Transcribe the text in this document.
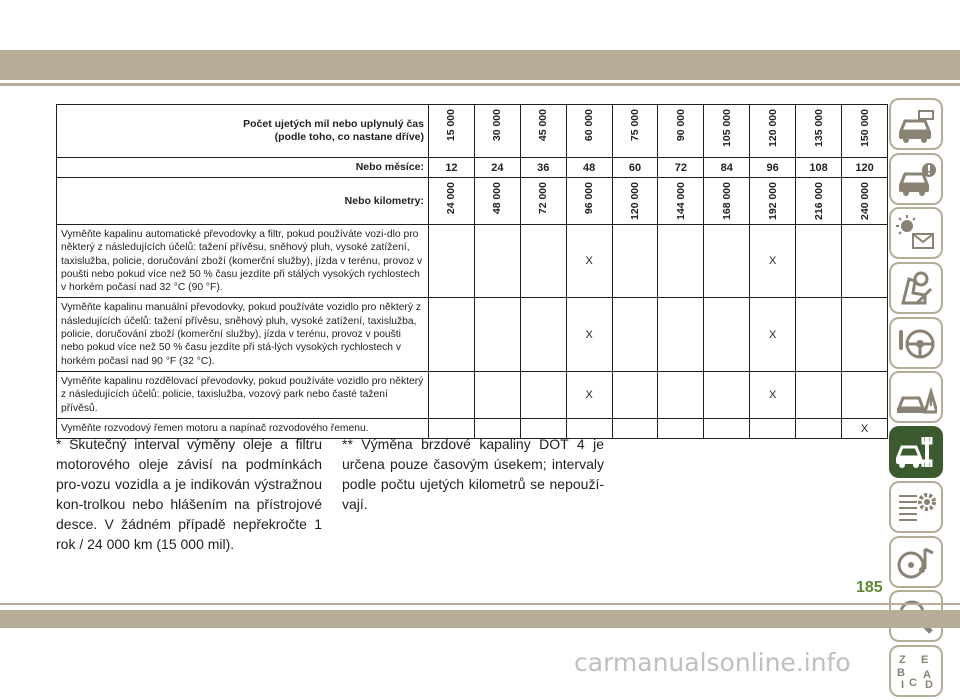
Počet ujetých mil nebo uplynulý čas
(podle toho, co nastane dříve)	15 000	30 000	45 000	60 000	75 000	90 000	105 000	120 000	135 000	150 000

Nebo měsíce:	12	24	36	48	60	72	84	96	108	120
Nebo kilometry:	24 000	48 000	72 000	96 000	120 000	144 000	168 000	192 000	216 000	240 000

Vyměňte kapalinu automatické převodovky a filtr, pokud používáte vozi-dlo pro některý z následujících účelů: tažení přívěsu, sněhový pluh, vysoké zatížení, taxislužba, policie, doručování zboží (komerční služby), jízda v terénu, provoz v poušti nebo pokud více než 50 % času jezdíte při stálých vysokých rychlostech v horkém počasí nad 32 °C (90 °F).				X				X		
Vyměňte kapalinu manuální převodovky, pokud používáte vozidlo pro některý z následujících účelů: tažení přívěsu, sněhový pluh, vysoké zatížení, taxislužba, policie, doručování zboží (komerční služby), jízda v terénu, provoz v poušti nebo pokud více než 50 % času jezdíte při stá-lých vysokých rychlostech v horkém počasí nad 90 °F (32 °C).				X				X		
Vyměňte kapalinu rozdělovací převodovky, pokud používáte vozidlo pro některý z následujících účelů: policie, taxislužba, vozový park nebo časté tažení přívěsů.				X				X		
Vyměňte rozvodový řemen motoru a napínač rozvodového řemenu.										X
* Skutečný interval výměny oleje a filtru motorového oleje závisí na podmínkách pro-vozu vozidla a je indikován výstražnou kon-trolkou nebo hlášením na přístrojové desce. V žádném případě nepřekročte 1 rok / 24 000 km (15 000 mil).
** Výměna brzdové kapaliny DOT 4 je určena pouze časovým úsekem; intervaly podle počtu ujetých kilometrů se nepouží-vají.
Z E
B A
I C D
185
carmanualsonline.info
